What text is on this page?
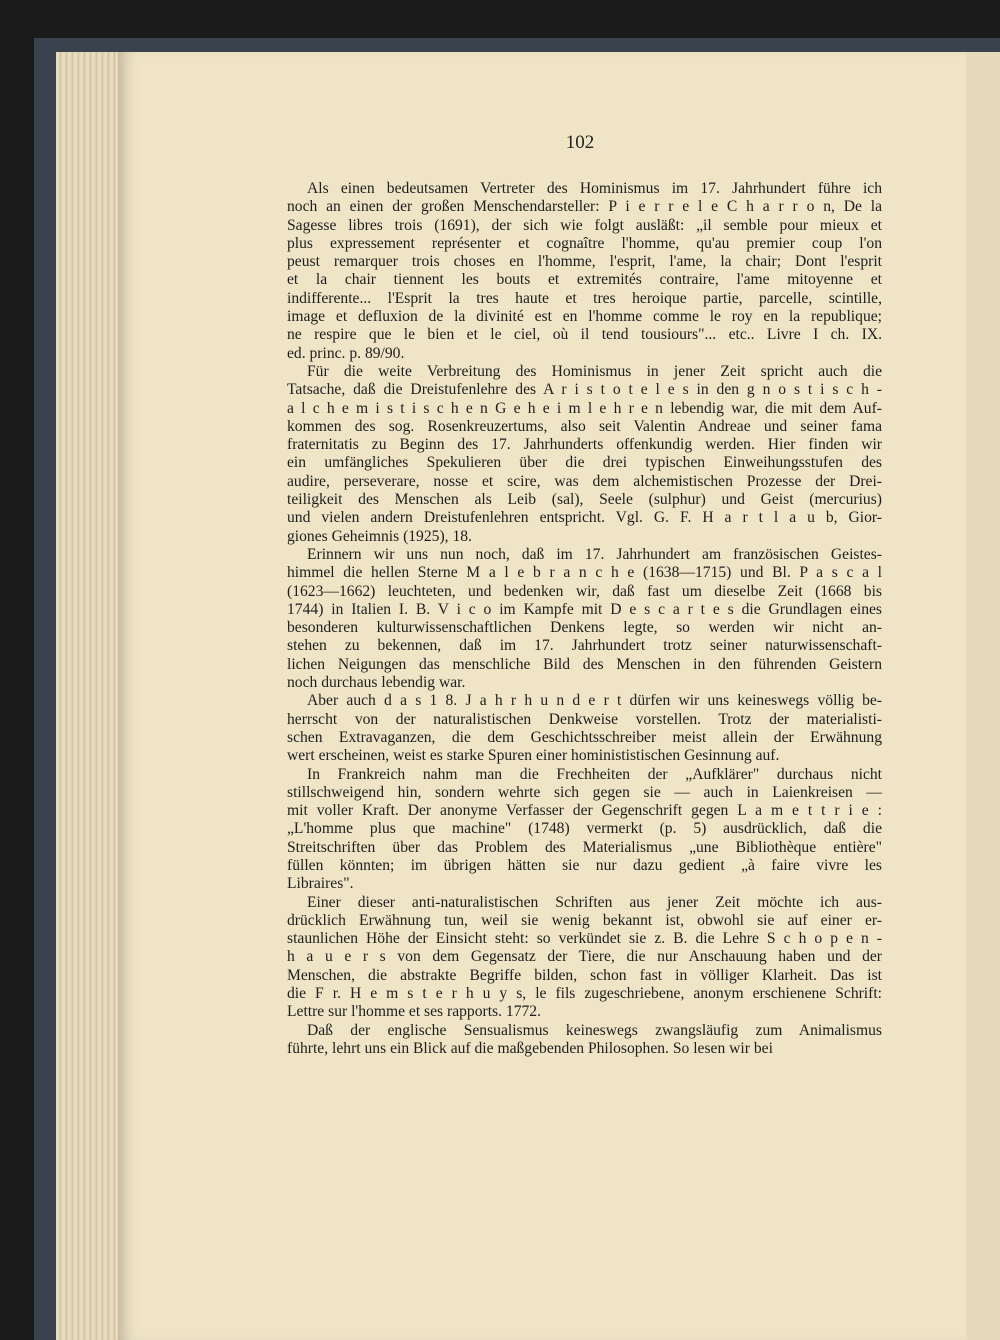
102

Als einen bedeutsamen Vertreter des Hominismus im 17. Jahrhundert führe ich
noch an einen der großen Menschendarsteller: P i e r r e l e C h a r r o n, De la
Sagesse libres trois (1691), der sich wie folgt ausläßt: „il semble pour mieux et
plus expressement représenter et cognaître l'homme, qu'au premier coup l'on
peust remarquer trois choses en l'homme, l'esprit, l'ame, la chair; Dont l'esprit
et la chair tiennent les bouts et extremités contraire, l'ame mitoyenne et
indifferente... l'Esprit la tres haute et tres heroique partie, parcelle, scintille,
image et defluxion de la divinité est en l'homme comme le roy en la republique;
ne respire que le bien et le ciel, où il tend tousiours"... etc.. Livre I ch. IX.
ed. princ. p. 89/90.

Für die weite Verbreitung des Hominismus in jener Zeit spricht auch die
Tatsache, daß die Dreistufenlehre des A r i s t o t e l e s in den g n o s t i s c h -
a l c h e m i s t i s c h e n G e h e i m l e h r e n lebendig war, die mit dem Auf-
kommen des sog. Rosenkreuzertums, also seit Valentin Andreae und seiner fama
fraternitatis zu Beginn des 17. Jahrhunderts offenkundig werden. Hier finden wir
ein umfängliches Spekulieren über die drei typischen Einweihungsstufen des
audire, perseverare, nosse et scire, was dem alchemistischen Prozesse der Drei-
teiligkeit des Menschen als Leib (sal), Seele (sulphur) und Geist (mercurius)
und vielen andern Dreistufenlehren entspricht. Vgl. G. F. H a r t l a u b, Gior-
giones Geheimnis (1925), 18.

Erinnern wir uns nun noch, daß im 17. Jahrhundert am französischen Geistes-
himmel die hellen Sterne M a l e b r a n c h e (1638—1715) und Bl. P a s c a l
(1623—1662) leuchteten, und bedenken wir, daß fast um dieselbe Zeit (1668 bis
1744) in Italien I. B. V i c o im Kampfe mit D e s c a r t e s die Grundlagen eines
besonderen kulturwissenschaftlichen Denkens legte, so werden wir nicht an-
stehen zu bekennen, daß im 17. Jahrhundert trotz seiner naturwissenschaft-
lichen Neigungen das menschliche Bild des Menschen in den führenden Geistern
noch durchaus lebendig war.

Aber auch d a s 1 8. J a h r h u n d e r t dürfen wir uns keineswegs völlig be-
herrscht von der naturalistischen Denkweise vorstellen. Trotz der materialisti-
schen Extravaganzen, die dem Geschichtsschreiber meist allein der Erwähnung
wert erscheinen, weist es starke Spuren einer hominististischen Gesinnung auf.

In Frankreich nahm man die Frechheiten der „Aufklärer" durchaus nicht
stillschweigend hin, sondern wehrte sich gegen sie — auch in Laienkreisen —
mit voller Kraft. Der anonyme Verfasser der Gegenschrift gegen L a m e t t r i e :
„L'homme plus que machine" (1748) vermerkt (p. 5) ausdrücklich, daß die
Streitschriften über das Problem des Materialismus „une Bibliothèque entière"
füllen könnten; im übrigen hätten sie nur dazu gedient „à faire vivre les
Libraires".

Einer dieser anti-naturalistischen Schriften aus jener Zeit möchte ich aus-
drücklich Erwähnung tun, weil sie wenig bekannt ist, obwohl sie auf einer er-
staunlichen Höhe der Einsicht steht: so verkündet sie z. B. die Lehre S c h o p e n -
h a u e r s von dem Gegensatz der Tiere, die nur Anschauung haben und der
Menschen, die abstrakte Begriffe bilden, schon fast in völliger Klarheit. Das ist
die F r. H e m s t e r h u y s, le fils zugeschriebene, anonym erschienene Schrift:
Lettre sur l'homme et ses rapports. 1772.

Daß der englische Sensualismus keineswegs zwangsläufig zum Animalismus
führte, lehrt uns ein Blick auf die maßgebenden Philosophen. So lesen wir bei
